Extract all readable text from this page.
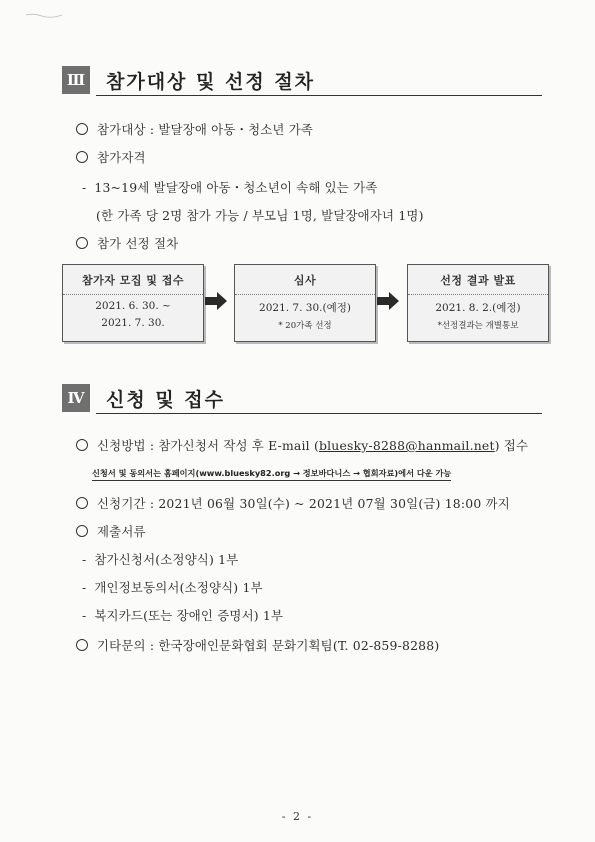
Ⅲ 참가대상 및 선정 절차
참가대상 : 발달장애 아동・청소년 가족
참가자격
- 13~19세 발달장애 아동・청소년이 속해 있는 가족
(한 가족 당 2명 참가 가능 / 부모님 1명, 발달장애자녀 1명)
참가 선정 절차
참가자 모집 및 접수
2021. 6. 30. ~
2021. 7. 30.
심사
2021. 7. 30.(예정)
* 20가족 선정
선정 결과 발표
2021. 8. 2.(예정)
*선정결과는 개별통보
Ⅳ 신청 및 접수
신청방법 : 참가신청서 작성 후 E-mail (bluesky-8288@hanmail.net) 접수
신청서 및 동의서는 홈페이지(www.bluesky82.org → 정보바다니스 → 협회자료)에서 다운 가능
신청기간 : 2021년 06월 30일(수) ~ 2021년 07월 30일(금) 18:00 까지
제출서류
- 참가신청서(소정양식) 1부
- 개인정보동의서(소정양식) 1부
- 복지카드(또는 장애인 증명서) 1부
기타문의 : 한국장애인문화협회 문화기획팀(T. 02-859-8288)
- 2 -
